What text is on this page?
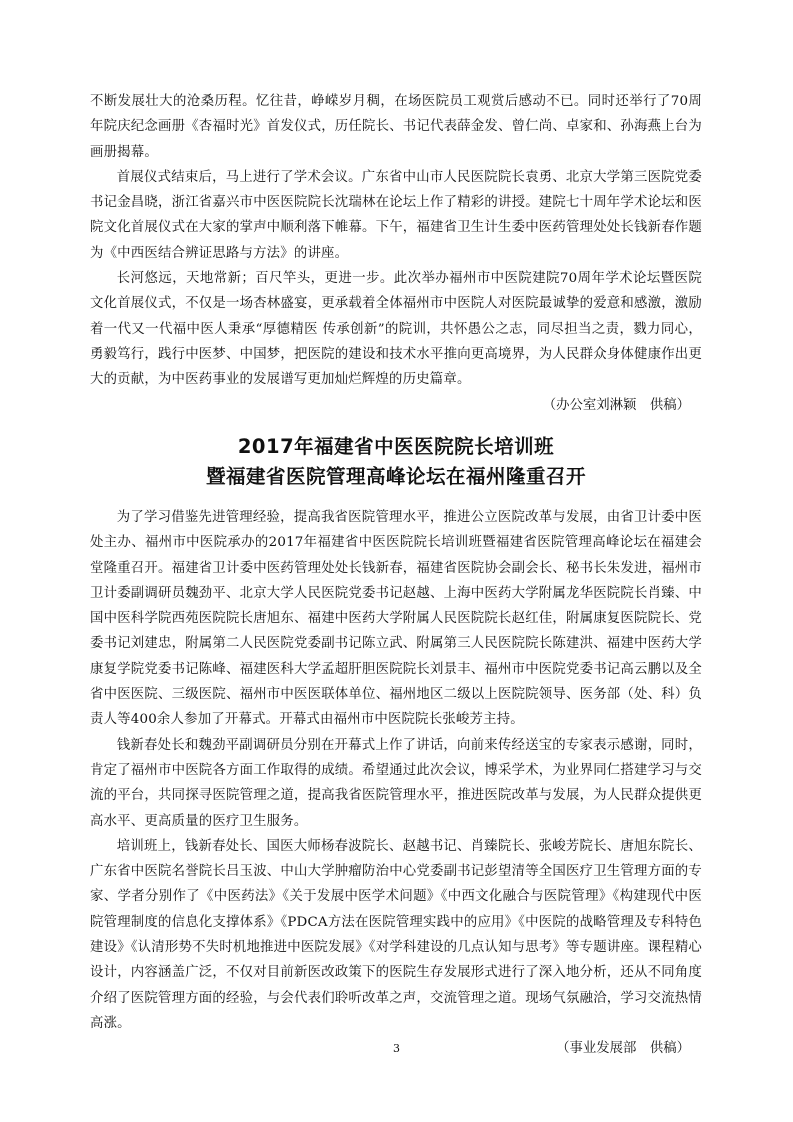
不断发展壮大的沧桑历程。忆往昔，峥嵘岁月稠，在场医院员工观赏后感动不已。同时还举行了70周年院庆纪念画册《杏福时光》首发仪式，历任院长、书记代表薛金发、曾仁尚、卓家和、孙海燕上台为画册揭幕。

首展仪式结束后，马上进行了学术会议。广东省中山市人民医院院长袁勇、北京大学第三医院党委书记金昌晓，浙江省嘉兴市中医医院院长沈瑞林在论坛上作了精彩的讲授。建院七十周年学术论坛和医院文化首展仪式在大家的掌声中顺利落下帷幕。下午，福建省卫生计生委中医药管理处处长钱新春作题为《中西医结合辨证思路与方法》的讲座。

长河悠远，天地常新；百尺竿头，更进一步。此次举办福州市中医院建院70周年学术论坛暨医院文化首展仪式，不仅是一场杏林盛宴，更承载着全体福州市中医院人对医院最诚挚的爱意和感激，激励着一代又一代福中医人秉承“厚德精医 传承创新”的院训，共怀愚公之志，同尽担当之责，戮力同心，勇毅笃行，践行中医梦、中国梦，把医院的建设和技术水平推向更高境界，为人民群众身体健康作出更大的贡献，为中医药事业的发展谱写更加灿烂辉煌的历史篇章。

（办公室刘淋颖　供稿）

2017年福建省中医医院院长培训班
暨福建省医院管理高峰论坛在福州隆重召开

为了学习借鉴先进管理经验，提高我省医院管理水平，推进公立医院改革与发展，由省卫计委中医处主办、福州市中医院承办的2017年福建省中医医院院长培训班暨福建省医院管理高峰论坛在福建会堂隆重召开。福建省卫计委中医药管理处处长钱新春，福建省医院协会副会长、秘书长朱发进，福州市卫计委副调研员魏劲平、北京大学人民医院党委书记赵越、上海中医药大学附属龙华医院院长肖臻、中国中医科学院西苑医院院长唐旭东、福建中医药大学附属人民医院院长赵红佳，附属康复医院院长、党委书记刘建忠，附属第二人民医院党委副书记陈立武、附属第三人民医院院长陈建洪、福建中医药大学康复学院党委书记陈峰、福建医科大学孟超肝胆医院院长刘景丰、福州市中医院党委书记高云鹏以及全省中医医院、三级医院、福州市中医医联体单位、福州地区二级以上医院院领导、医务部（处、科）负责人等400余人参加了开幕式。开幕式由福州市中医院院长张峻芳主持。

钱新春处长和魏劲平副调研员分别在开幕式上作了讲话，向前来传经送宝的专家表示感谢，同时，肯定了福州市中医院各方面工作取得的成绩。希望通过此次会议，博采学术，为业界同仁搭建学习与交流的平台，共同探寻医院管理之道，提高我省医院管理水平，推进医院改革与发展，为人民群众提供更高水平、更高质量的医疗卫生服务。

培训班上，钱新春处长、国医大师杨春波院长、赵越书记、肖臻院长、张峻芳院长、唐旭东院长、广东省中医院名誉院长吕玉波、中山大学肿瘤防治中心党委副书记彭望清等全国医疗卫生管理方面的专家、学者分别作了《中医药法》《关于发展中医学术问题》《中西文化融合与医院管理》《构建现代中医院管理制度的信息化支撑体系》《PDCA方法在医院管理实践中的应用》《中医院的战略管理及专科特色建设》《认清形势不失时机地推进中医院发展》《对学科建设的几点认知与思考》等专题讲座。课程精心设计，内容涵盖广泛，不仅对目前新医改政策下的医院生存发展形式进行了深入地分析，还从不同角度介绍了医院管理方面的经验，与会代表们聆听改革之声，交流管理之道。现场气氛融洽，学习交流热情高涨。

（事业发展部　供稿）

3
